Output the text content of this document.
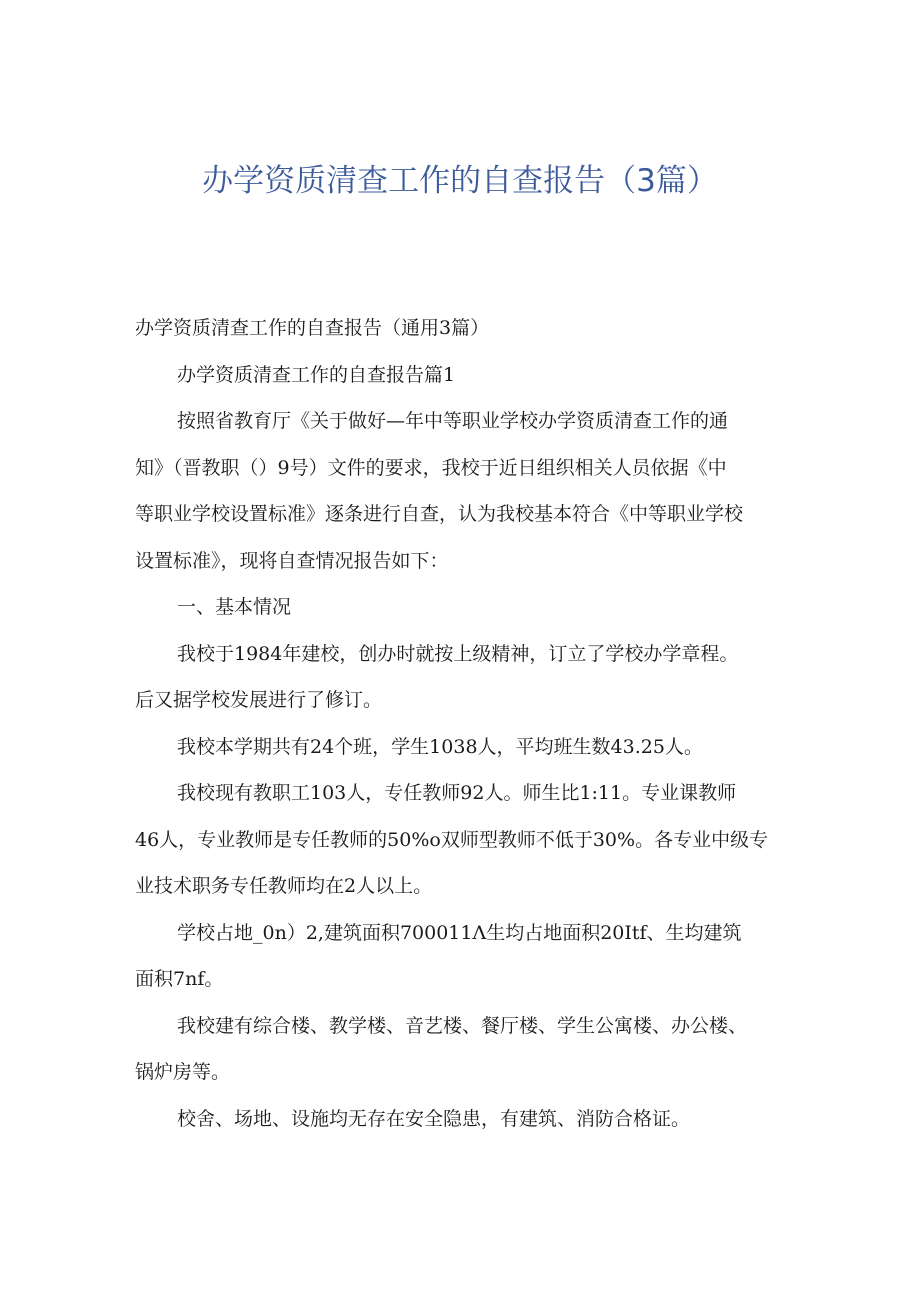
办学资质清查工作的自查报告（3篇）

办学资质清查工作的自查报告（通用3篇）

办学资质清查工作的自查报告篇1

按照省教育厅《关于做好—年中等职业学校办学资质清查工作的通

知》（晋教职（）9号）文件的要求，我校于近日组织相关人员依据《中

等职业学校设置标准》逐条进行自查，认为我校基本符合《中等职业学校

设置标准》，现将自查情况报告如下：

一、基本情况

我校于1984年建校，创办时就按上级精神，订立了学校办学章程。

后又据学校发展进行了修订。

我校本学期共有24个班，学生1038人，平均班生数43.25人。

我校现有教职工103人，专任教师92人。师生比1:11。专业课教师

46人，专业教师是专任教师的50%o双师型教师不低于30%。各专业中级专

业技术职务专任教师均在2人以上。

学校占地_0n）2,建筑面积700011Λ生均占地面积20Itf、生均建筑

面积7nf。

我校建有综合楼、教学楼、音艺楼、餐厅楼、学生公寓楼、办公楼、

锅炉房等。

校舍、场地、设施均无存在安全隐患，有建筑、消防合格证。
